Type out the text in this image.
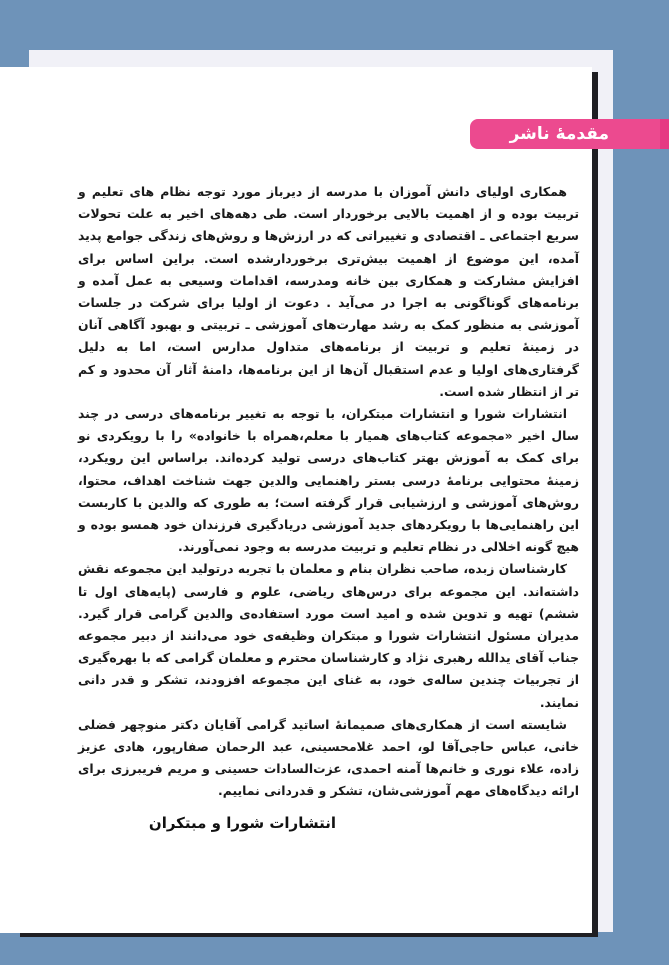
مقدمهٔ ناشر

همکاری اولیای دانش آموزان با مدرسه از دیرباز مورد توجه نظام های تعلیم و تربیت بوده و از اهمیت بالایی برخوردار است. طی دهه‌های اخیر به علت تحولات سریع اجتماعی ـ اقتصادی و تغییراتی که در ارزش‌ها و روش‌های زندگی جوامع پدید آمده، این موضوع از اهمیت بیش‌تری برخوردارشده است. براین اساس برای افزایش مشارکت و همکاری بین خانه ومدرسه، اقدامات وسیعی به عمل آمده و برنامه‌های گوناگونی به اجرا در می‌آید . دعوت از اولیا برای شرکت در جلسات آموزشی به منظور کمک به رشد مهارت‌های آموزشی ـ تربیتی و بهبود آگاهی آنان در زمینهٔ تعلیم و تربیت از برنامه‌های متداول مدارس است، اما به دلیل گرفتاری‌های اولیا و عدم استقبال آن‌ها از این برنامه‌ها، دامنهٔ آثار آن محدود و کم تر از انتظار شده است.

انتشارات شورا و انتشارات مبتکران، با توجه به تغییر برنامه‌های درسی در چند سال اخیر «مجموعه کتاب‌های همیار با معلم،همراه با خانواده» را با رویکردی نو برای کمک به آموزش بهتر کتاب‌های درسی تولید کرده‌اند. براساس این رویکرد، زمینهٔ محتوایی برنامهٔ درسی بستر راهنمایی والدین جهت شناخت اهداف، محتوا، روش‌های آموزشی و ارزشیابی قرار گرفته است؛ به طوری که والدین با کاربست این راهنمایی‌ها با رویکردهای جدید آموزشی دریادگیری فرزندان خود همسو بوده و هیچ گونه اخلالی در نظام تعلیم و تربیت مدرسه به وجود نمی‌آورند.

کارشناسان زبده، صاحب نظران بنام و معلمان با تجربه درتولید این مجموعه نقش داشته‌اند. این مجموعه برای درس‌های ریاضی، علوم و فارسی (پایه‌های اول تا ششم) تهیه و تدوین شده و امید است مورد استفاده‌ی والدین گرامی قرار گیرد. مدیران مسئول انتشارات شورا و مبتکران وظیفه‌ی خود می‌دانند از دبیر مجموعه جناب آقای یدالله رهبری نژاد و کارشناسان محترم و معلمان گرامی که با بهره‌گیری از تجربیات چندین ساله‌ی خود، به غنای این مجموعه افزودند، تشکر و قدر دانی نمایند.

شایسته است از همکاری‌های صمیمانهٔ اساتید گرامی آقایان دکتر منوچهر فضلی خانی، عباس حاجی‌آقا لو، احمد غلامحسینی، عبد الرحمان صفارپور، هادی عزیز زاده، علاء نوری و خانم‌ها آمنه احمدی، عزت‌السادات حسینی و مریم فریبرزی برای ارائه دیدگاه‌های مهم آموزشی‌شان، تشکر و قدردانی نماییم.

انتشارات شورا و مبتکران
